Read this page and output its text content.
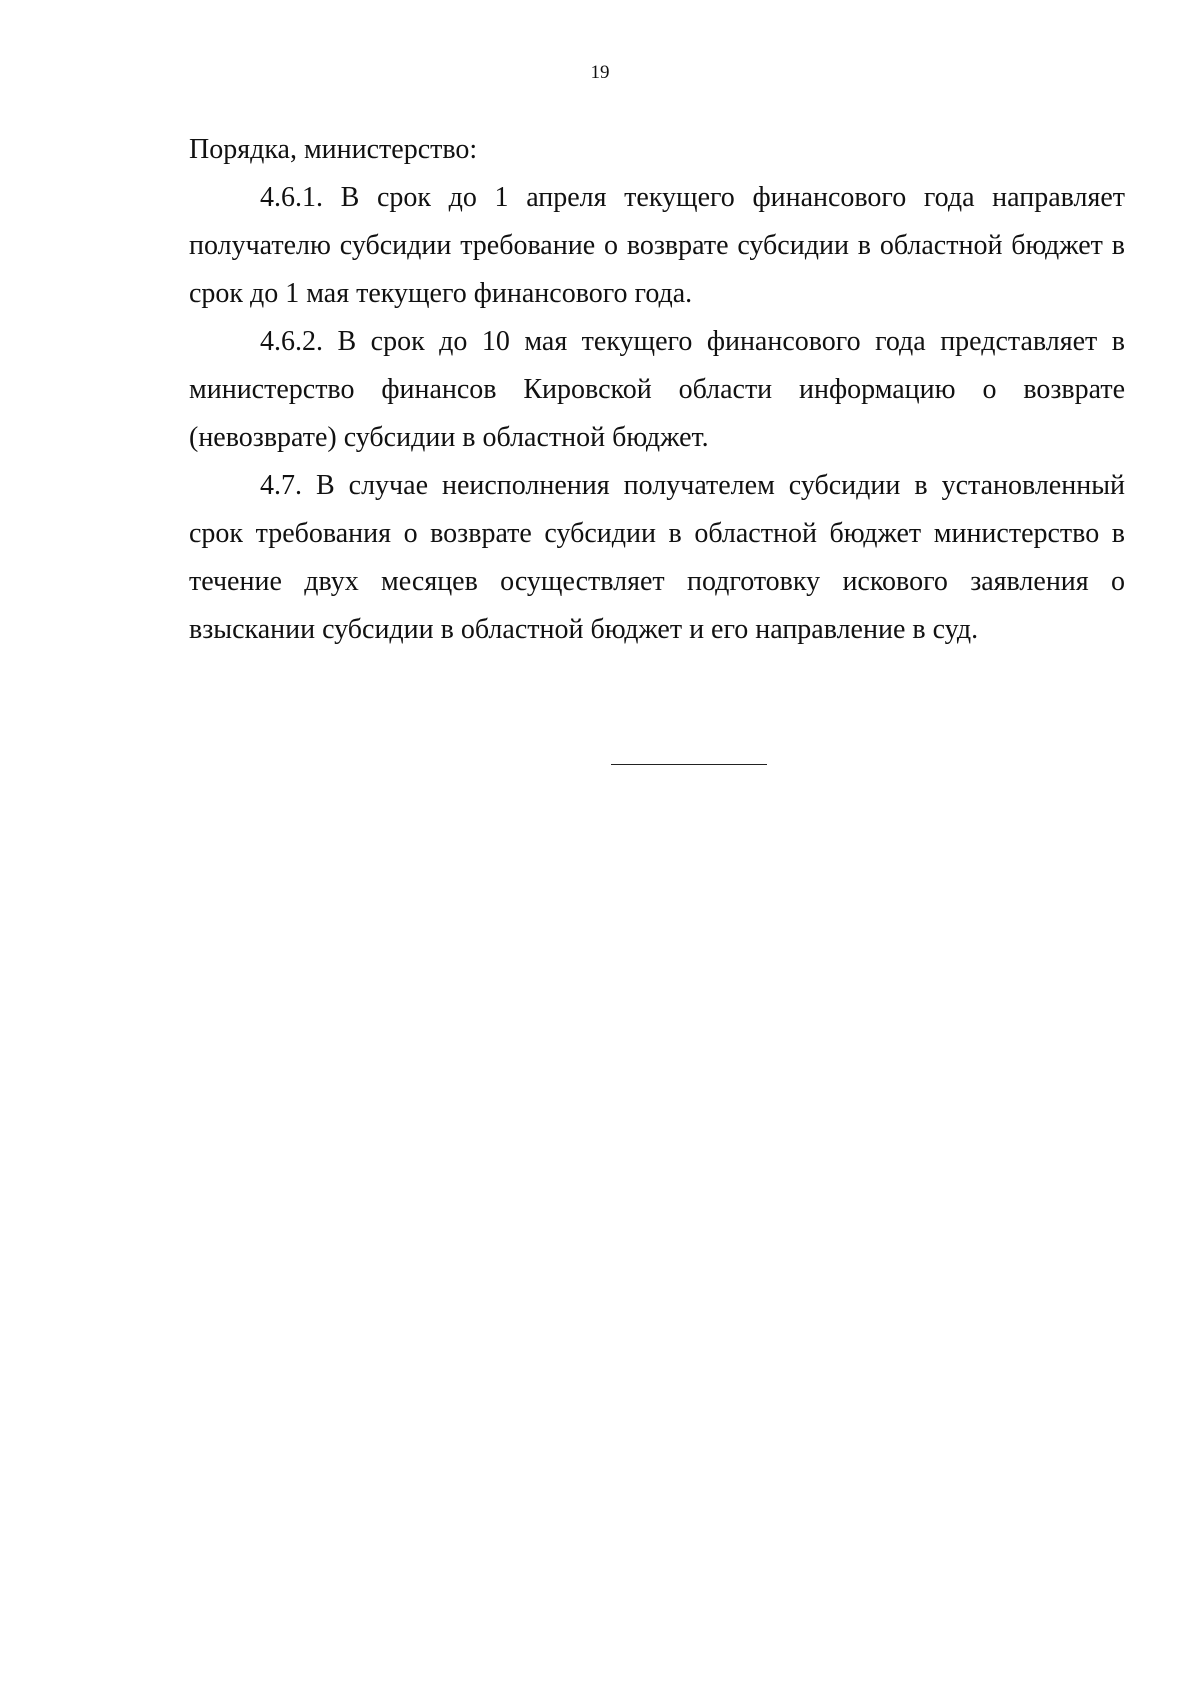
19

Порядка, министерство:

4.6.1. В срок до 1 апреля текущего финансового года направляет получателю субсидии требование о возврате субсидии в областной бюджет в срок до 1 мая текущего финансового года.

4.6.2. В срок до 10 мая текущего финансового года представляет в министерство финансов Кировской области информацию о возврате (невозврате) субсидии в областной бюджет.

4.7. В случае неисполнения получателем субсидии в установленный срок требования о возврате субсидии в областной бюджет министерство в течение двух месяцев осуществляет подготовку искового заявления о взыскании субсидии в областной бюджет и его направление в суд.
